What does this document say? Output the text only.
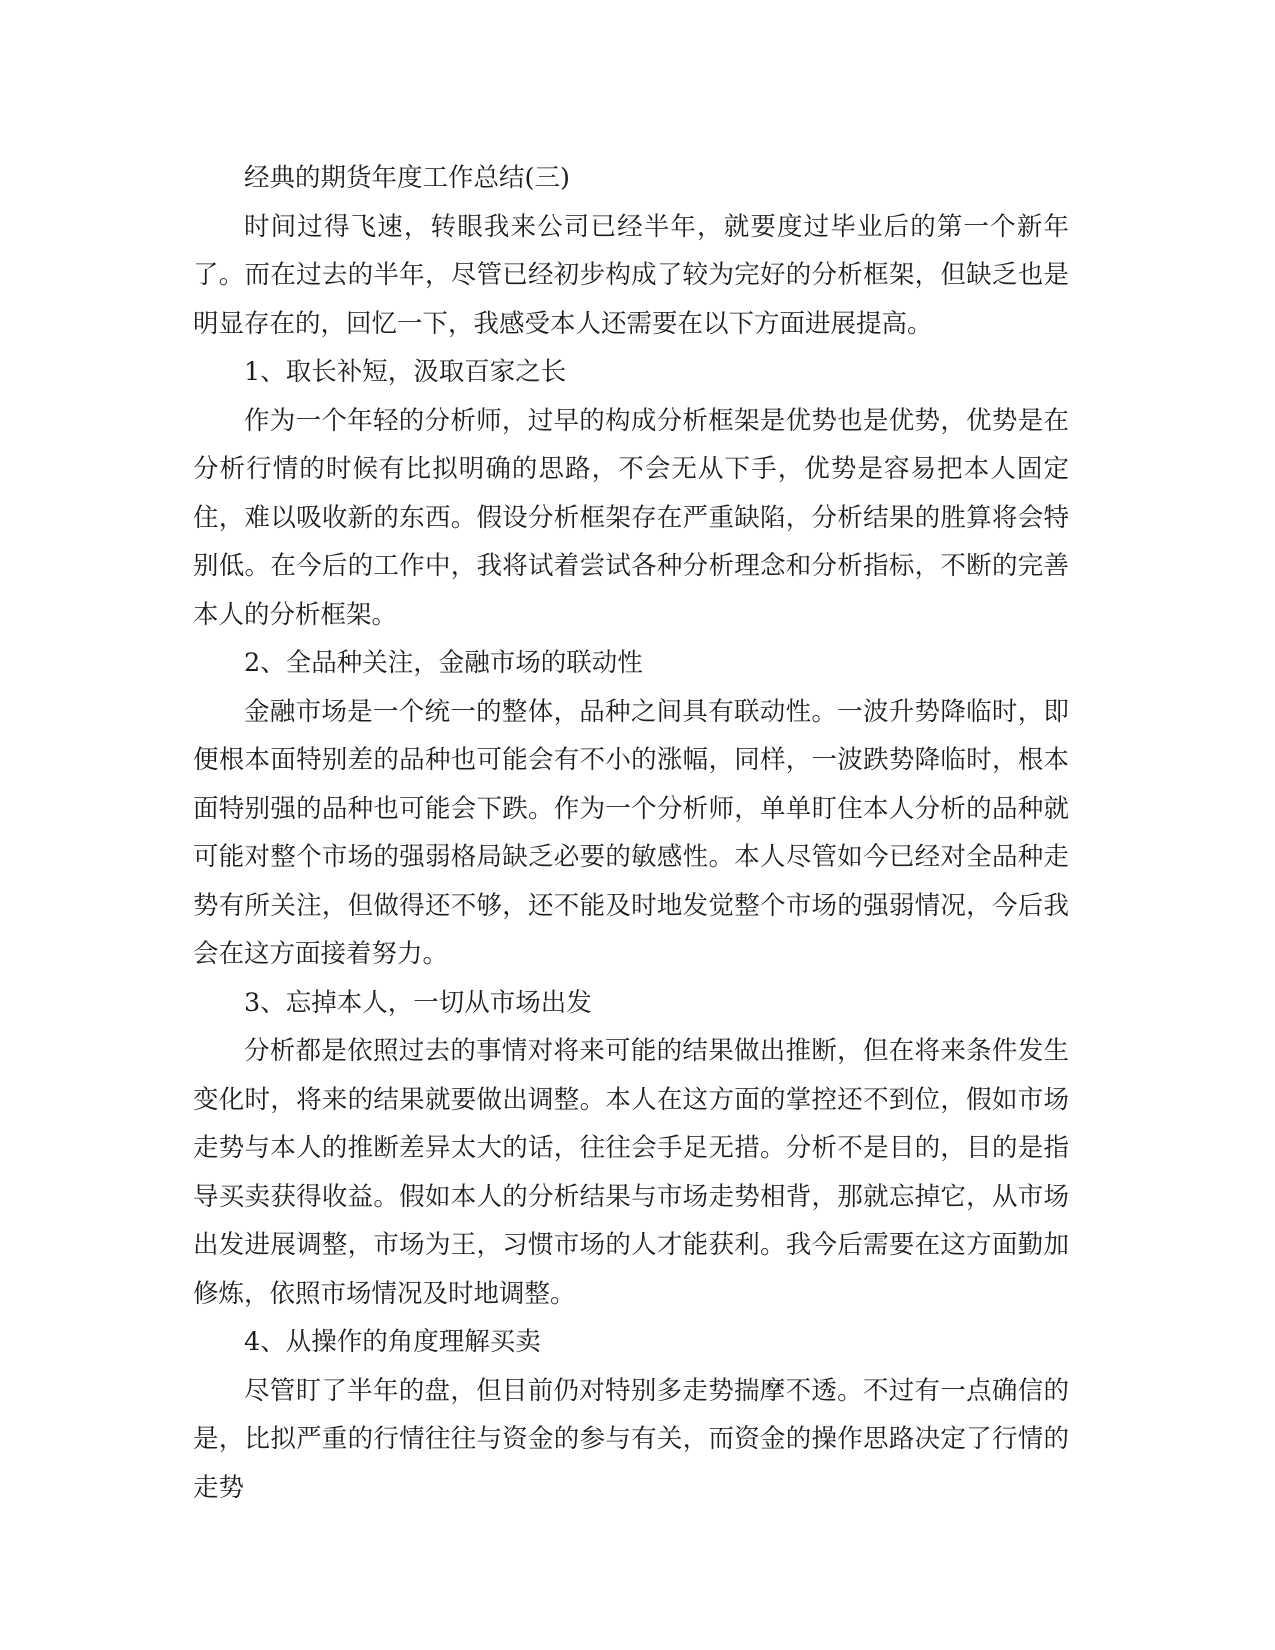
经典的期货年度工作总结(三)

时间过得飞速，转眼我来公司已经半年，就要度过毕业后的第一个新年了。而在过去的半年，尽管已经初步构成了较为完好的分析框架，但缺乏也是明显存在的，回忆一下，我感受本人还需要在以下方面进展提高。

1、取长补短，汲取百家之长

作为一个年轻的分析师，过早的构成分析框架是优势也是优势，优势是在分析行情的时候有比拟明确的思路，不会无从下手，优势是容易把本人固定住，难以吸收新的东西。假设分析框架存在严重缺陷，分析结果的胜算将会特别低。在今后的工作中，我将试着尝试各种分析理念和分析指标，不断的完善本人的分析框架。

2、全品种关注，金融市场的联动性

金融市场是一个统一的整体，品种之间具有联动性。一波升势降临时，即便根本面特别差的品种也可能会有不小的涨幅，同样，一波跌势降临时，根本面特别强的品种也可能会下跌。作为一个分析师，单单盯住本人分析的品种就可能对整个市场的强弱格局缺乏必要的敏感性。本人尽管如今已经对全品种走势有所关注，但做得还不够，还不能及时地发觉整个市场的强弱情况，今后我会在这方面接着努力。

3、忘掉本人，一切从市场出发

分析都是依照过去的事情对将来可能的结果做出推断，但在将来条件发生变化时，将来的结果就要做出调整。本人在这方面的掌控还不到位，假如市场走势与本人的推断差异太大的话，往往会手足无措。分析不是目的，目的是指导买卖获得收益。假如本人的分析结果与市场走势相背，那就忘掉它，从市场出发进展调整，市场为王，习惯市场的人才能获利。我今后需要在这方面勤加修炼，依照市场情况及时地调整。

4、从操作的角度理解买卖

尽管盯了半年的盘，但目前仍对特别多走势揣摩不透。不过有一点确信的是，比拟严重的行情往往与资金的参与有关，而资金的操作思路决定了行情的走势
